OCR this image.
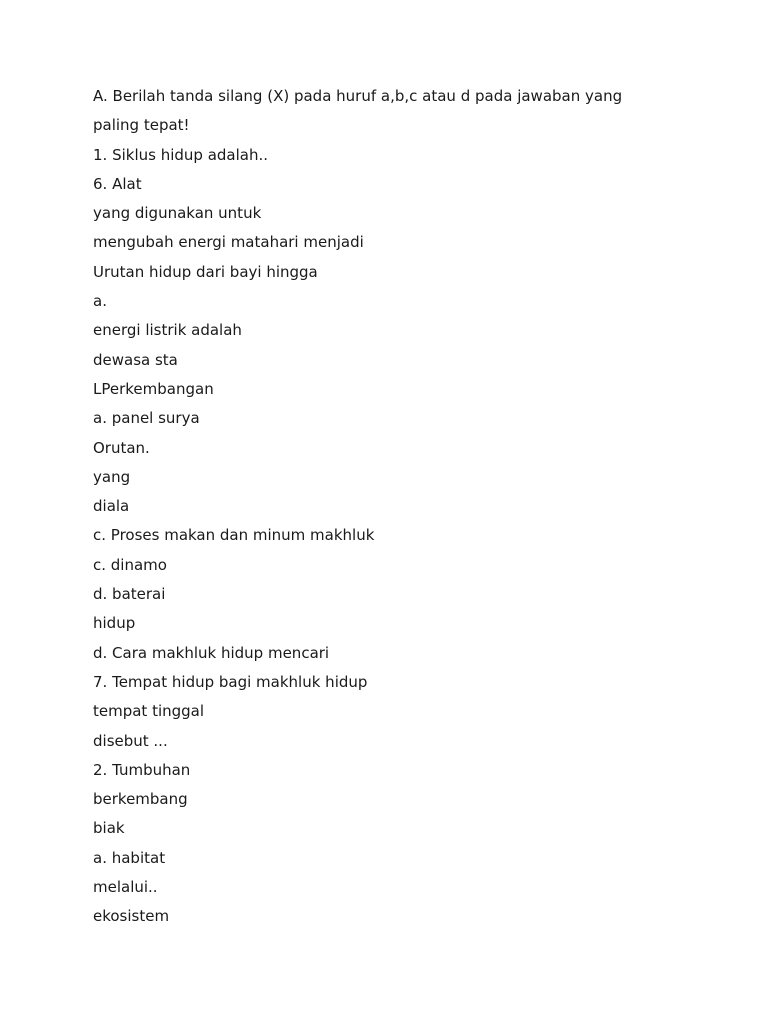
A. Berilah tanda silang (X) pada huruf a,b,c atau d pada jawaban yang

paling tepat!

1. Siklus hidup adalah..

6. Alat

yang digunakan untuk

mengubah energi matahari menjadi

Urutan hidup dari bayi hingga

a.

energi listrik adalah

dewasa sta

LPerkembangan

a. panel surya

Orutan.

yang

diala

c. Proses makan dan minum makhluk

c. dinamo

d. baterai

hidup

d. Cara makhluk hidup mencari

7. Tempat hidup bagi makhluk hidup

tempat tinggal

disebut ...

2. Tumbuhan

berkembang

biak

a. habitat

melalui..

ekosistem
